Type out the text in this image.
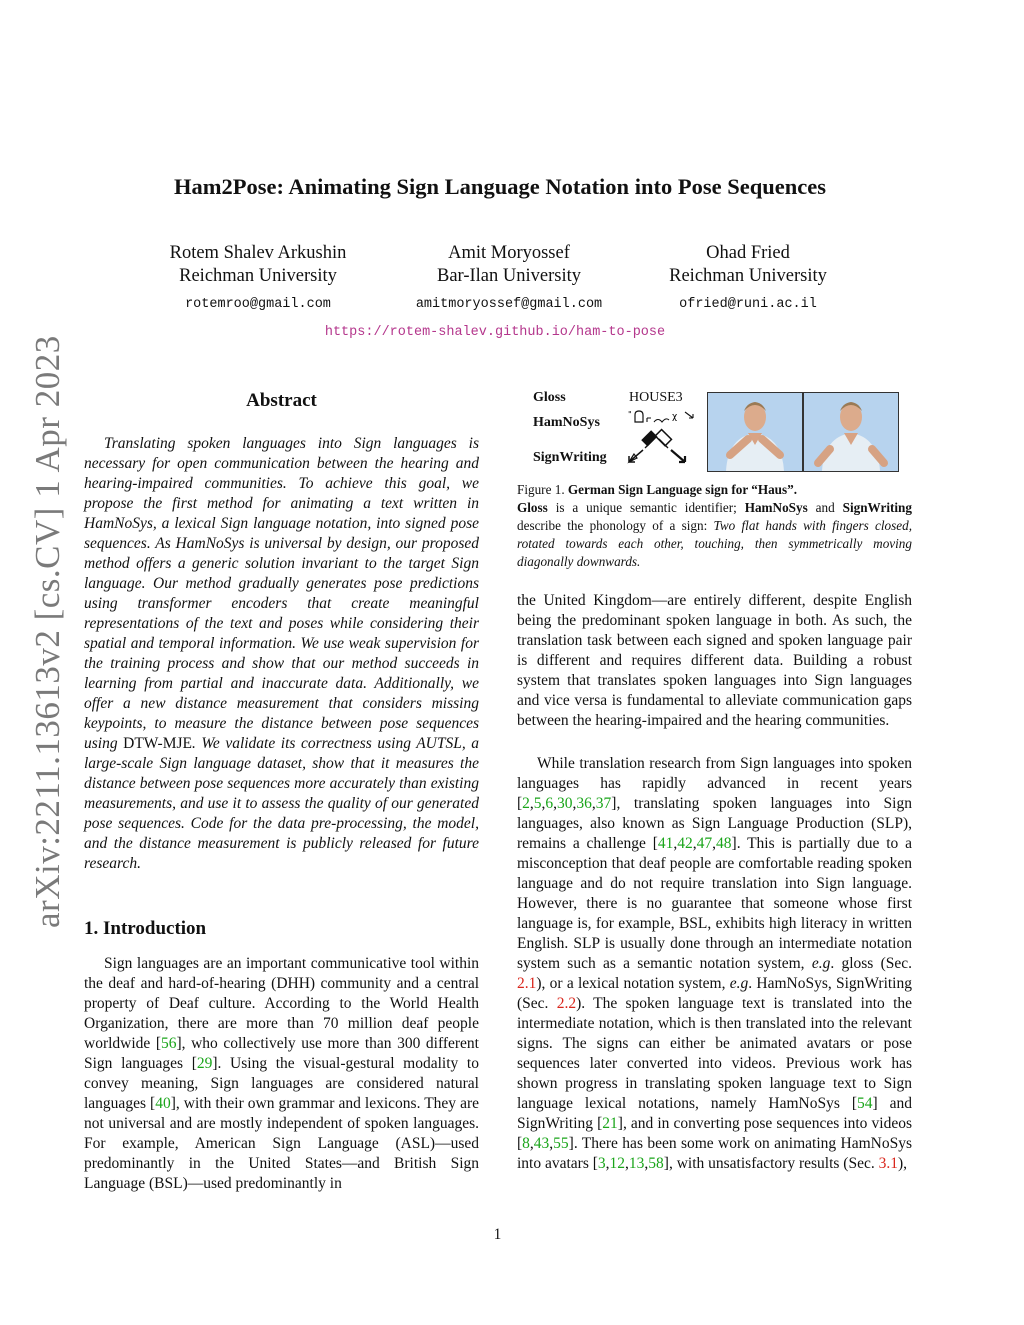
Ham2Pose: Animating Sign Language Notation into Pose Sequences
Rotem Shalev Arkushin
Reichman University
rotemroo@gmail.com
Amit Moryossef
Bar-Ilan University
amitmoryossef@gmail.com
Ohad Fried
Reichman University
ofried@runi.ac.il
https://rotem-shalev.github.io/ham-to-pose
arXiv:2211.13613v2 [cs.CV] 1 Apr 2023	Abstract

Translating spoken languages into Sign languages is necessary for open communication between the hearing and hearing-impaired communities. To achieve this goal, we propose the first method for animating a text written in HamNoSys, a lexical Sign language notation, into signed pose sequences. As HamNoSys is universal by design, our proposed method offers a generic solution invariant to the target Sign language. Our method gradually generates pose predictions using transformer encoders that create meaningful representations of the text and poses while considering their spatial and temporal information. We use weak supervision for the training process and show that our method succeeds in learning from partial and inaccurate data. Additionally, we offer a new distance measurement that considers missing keypoints, to measure the distance between pose sequences using DTW-MJE. We validate its correctness using AUTSL, a large-scale Sign language dataset, show that it measures the distance between pose sequences more accurately than existing measurements, and use it to assess the quality of our generated pose sequences. Code for the data pre-processing, the model, and the distance measurement is publicly released for future research.

1. Introduction

Sign languages are an important communicative tool within the deaf and hard-of-hearing (DHH) community and a central property of Deaf culture. According to the World Health Organization, there are more than 70 million deaf people worldwide [56], who collectively use more than 300 different Sign languages [29]. Using the visual-gestural modality to convey meaning, Sign languages are considered natural languages [40], with their own grammar and lexicons. They are not universal and are mostly independent of spoken languages. For example, American Sign Language (ASL)—used predominantly in the United States—and British Sign Language (BSL)—used predominantly in

Gloss
HamNoSys
SignWriting
HOUSE3
"	χ
Figure 1. German Sign Language sign for “Haus”.
Gloss is a unique semantic identifier; HamNoSys and SignWriting describe the phonology of a sign: Two flat hands with fingers closed, rotated towards each other, touching, then symmetrically moving diagonally downwards.

the United Kingdom—are entirely different, despite English being the predominant spoken language in both. As such, the translation task between each signed and spoken language pair is different and requires different data. Building a robust system that translates spoken languages into Sign languages and vice versa is fundamental to alleviate communication gaps between the hearing-impaired and the hearing communities.

While translation research from Sign languages into spoken languages has rapidly advanced in recent years [2,5,6,30,36,37], translating spoken languages into Sign languages, also known as Sign Language Production (SLP), remains a challenge [41,42,47,48]. This is partially due to a misconception that deaf people are comfortable reading spoken language and do not require translation into Sign language. However, there is no guarantee that someone whose first language is, for example, BSL, exhibits high literacy in written English. SLP is usually done through an intermediate notation system such as a semantic notation system, e.g. gloss (Sec. 2.1), or a lexical notation system, e.g. HamNoSys, SignWriting (Sec. 2.2). The spoken language text is translated into the intermediate notation, which is then translated into the relevant signs. The signs can either be animated avatars or pose sequences later converted into videos. Previous work has shown progress in translating spoken language text to Sign language lexical notations, namely HamNoSys [54] and SignWriting [21], and in converting pose sequences into videos [8,43,55]. There has been some work on animating HamNoSys into avatars [3,12,13,58], with unsatisfactory results (Sec. 3.1),

1
